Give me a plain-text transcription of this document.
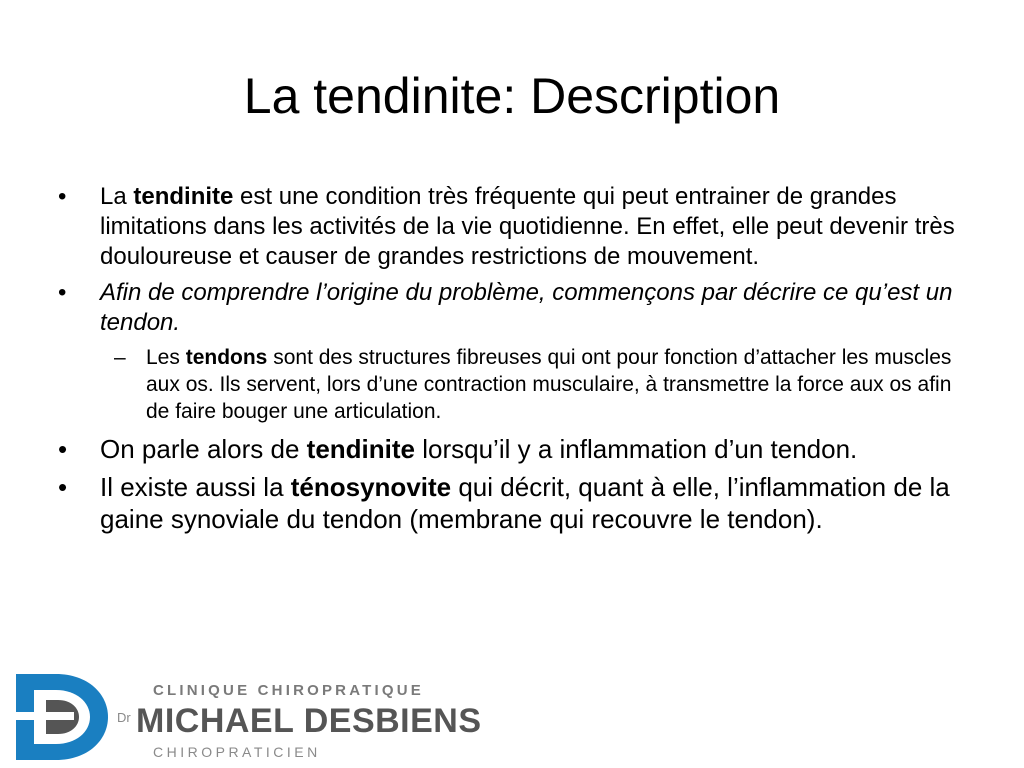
La tendinite: Description
•	La tendinite est une condition très fréquente qui peut entrainer de grandes limitations dans les activités de la vie quotidienne. En effet, elle peut devenir très douloureuse et causer de grandes restrictions de mouvement.
•	Afin de comprendre l’origine du problème, commençons par décrire ce qu’est un tendon.
– Les tendons sont des structures fibreuses qui ont pour fonction d’attacher les muscles aux os. Ils servent, lors d’une contraction musculaire, à transmettre la force aux os afin de faire bouger une articulation.
•	On parle alors de tendinite lorsqu’il y a inflammation d’un tendon.
•	Il existe aussi la ténosynovite qui décrit, quant à elle, l’inflammation de la gaine synoviale du tendon (membrane qui recouvre le tendon).
CLINIQUE CHIROPRATIQUE
Dr MICHAEL DESBIENS
CHIROPRATICIEN
